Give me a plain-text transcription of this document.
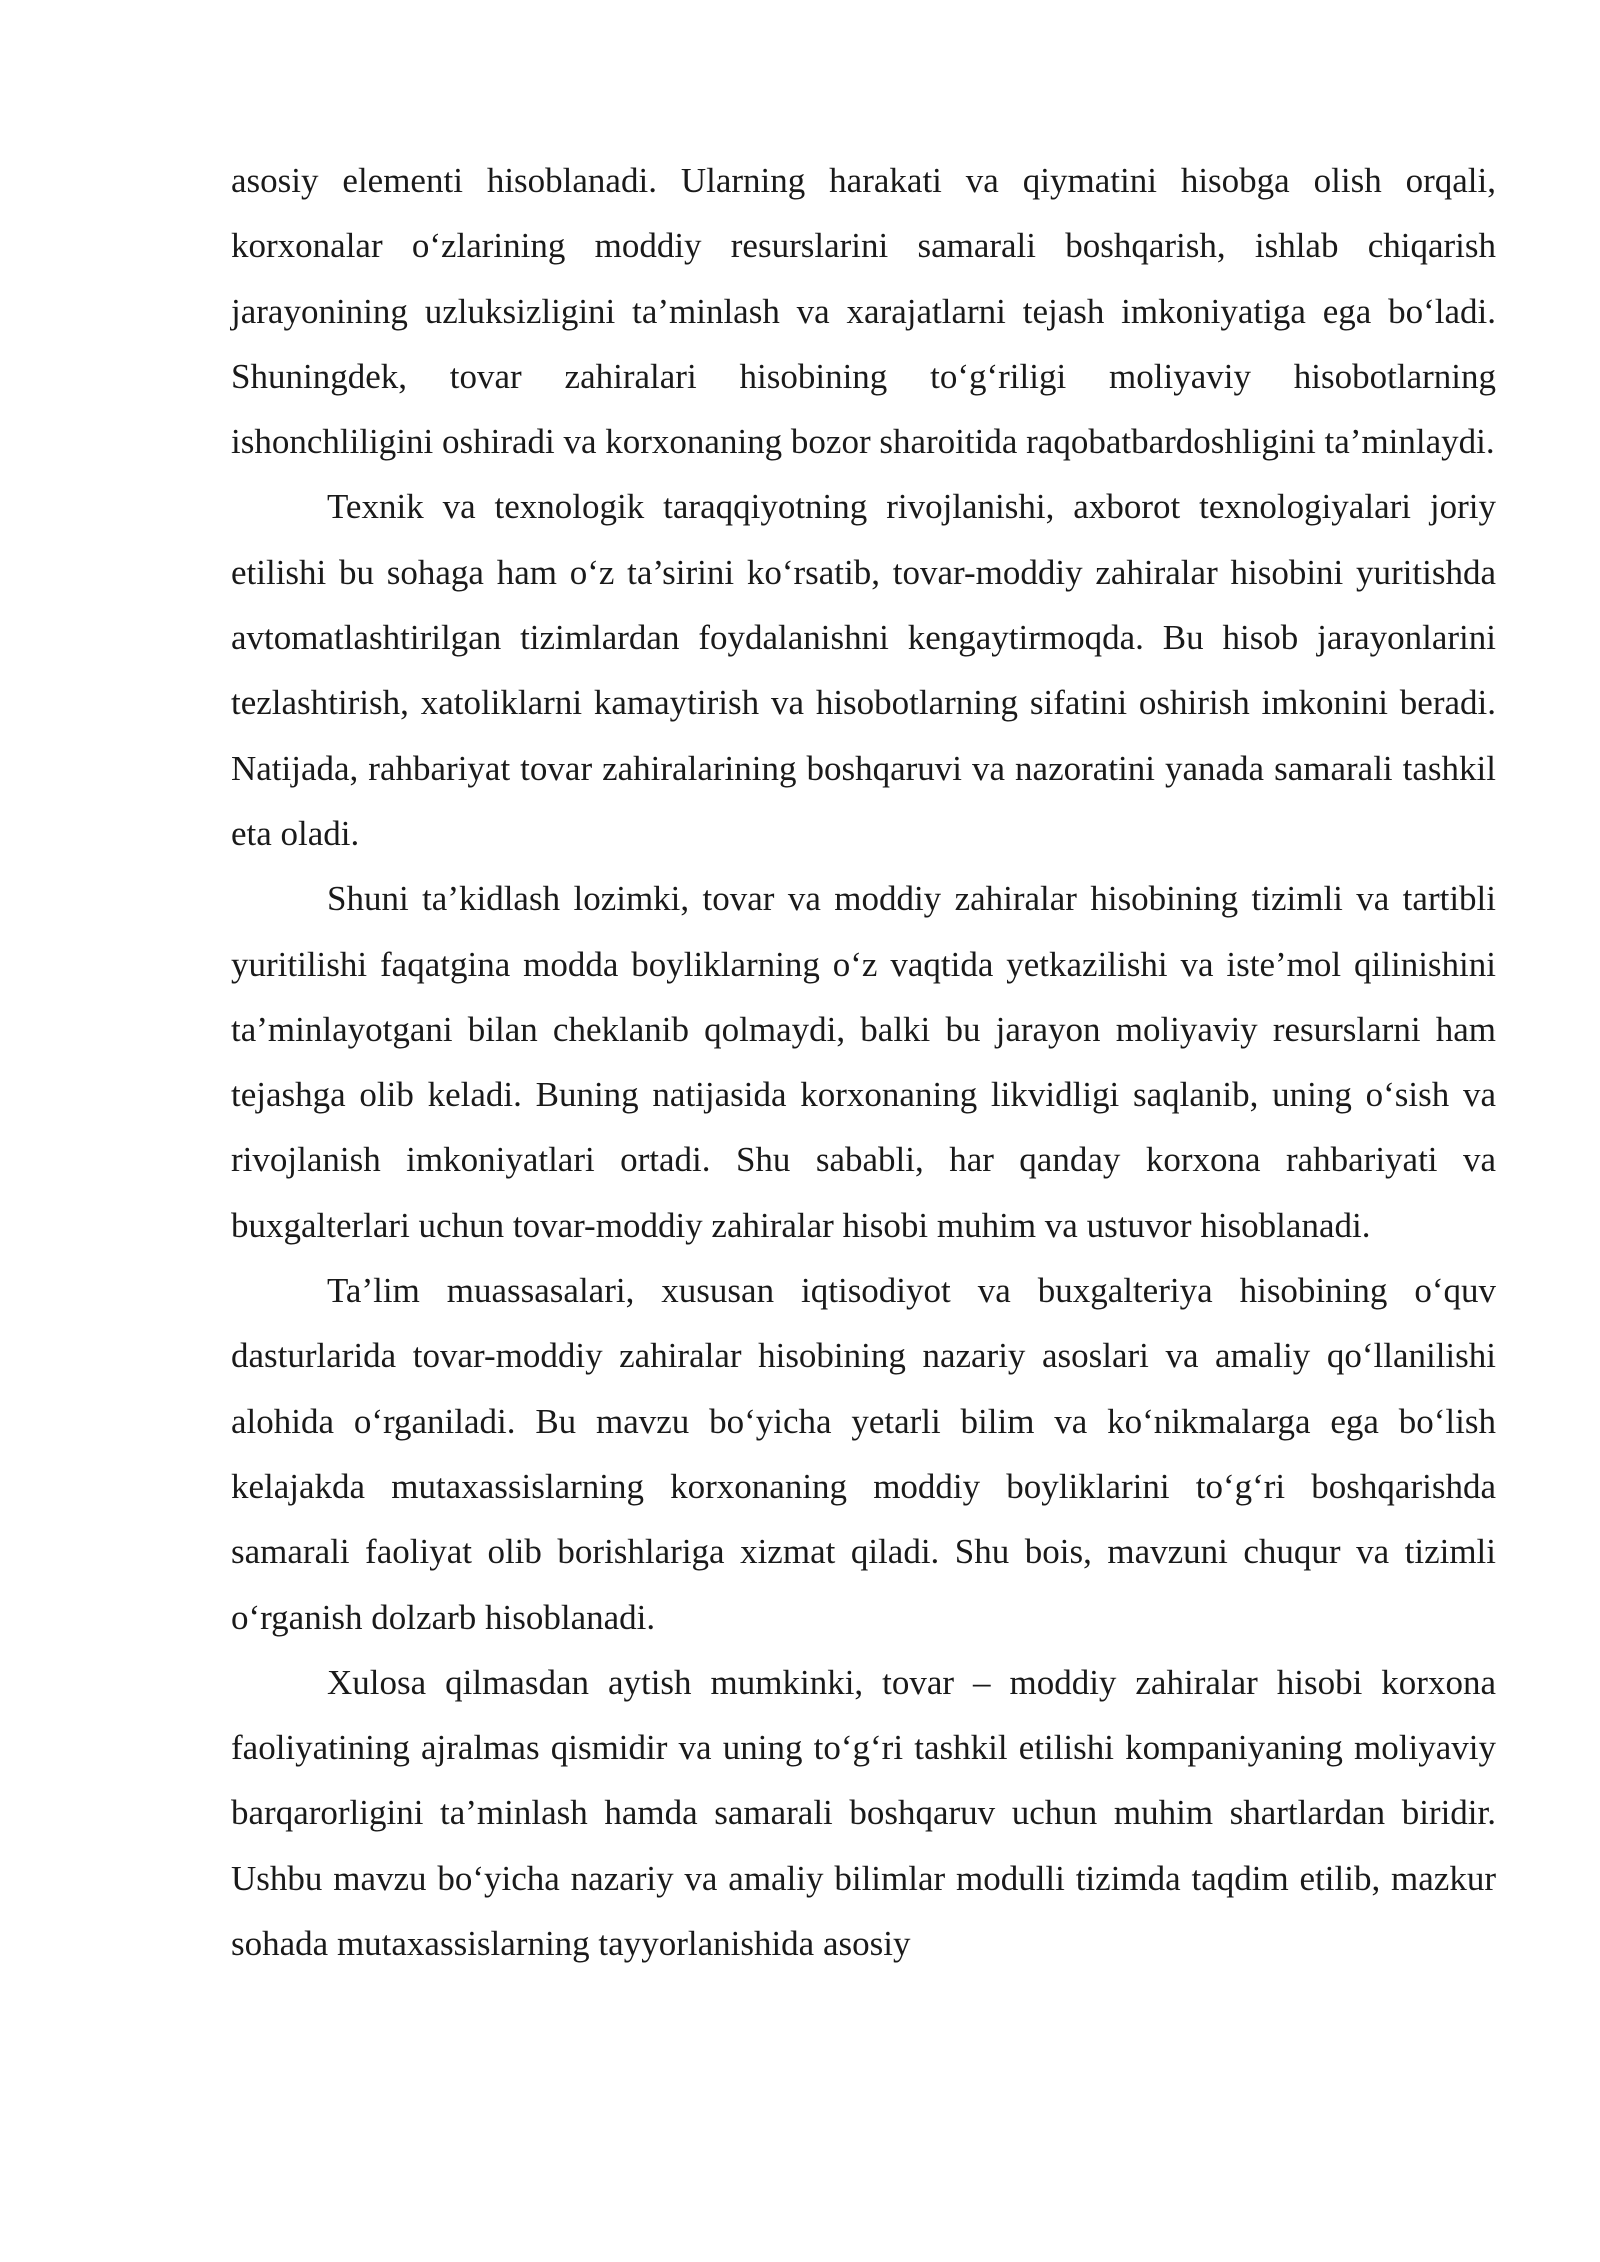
asosiy elementi hisoblanadi. Ularning harakati va qiymatini hisobga olish orqali, korxonalar o‘zlarining moddiy resurslarini samarali boshqarish, ishlab chiqarish jarayonining uzluksizligini ta’minlash va xarajatlarni tejash imkoniyatiga ega bo‘ladi. Shuningdek, tovar zahiralari hisobining to‘g‘riligi moliyaviy hisobotlarning ishonchliligini oshiradi va korxonaning bozor sharoitida raqobatbardoshligini ta’minlaydi.

Texnik va texnologik taraqqiyotning rivojlanishi, axborot texnologiyalari joriy etilishi bu sohaga ham o‘z ta’sirini ko‘rsatib, tovar-moddiy zahiralar hisobini yuritishda avtomatlashtirilgan tizimlardan foydalanishni kengaytirmoqda. Bu hisob jarayonlarini tezlashtirish, xatoliklarni kamaytirish va hisobotlarning sifatini oshirish imkonini beradi. Natijada, rahbariyat tovar zahiralarining boshqaruvi va nazoratini yanada samarali tashkil eta oladi.

Shuni ta’kidlash lozimki, tovar va moddiy zahiralar hisobining tizimli va tartibli yuritilishi faqatgina modda boyliklarning o‘z vaqtida yetkazilishi va iste’mol qilinishini ta’minlayotgani bilan cheklanib qolmaydi, balki bu jarayon moliyaviy resurslarni ham tejashga olib keladi. Buning natijasida korxonaning likvidligi saqlanib, uning o‘sish va rivojlanish imkoniyatlari ortadi. Shu sababli, har qanday korxona rahbariyati va buxgalterlari uchun tovar-moddiy zahiralar hisobi muhim va ustuvor hisoblanadi.

Ta’lim muassasalari, xususan iqtisodiyot va buxgalteriya hisobining o‘quv dasturlarida tovar-moddiy zahiralar hisobining nazariy asoslari va amaliy qo‘llanilishi alohida o‘rganiladi. Bu mavzu bo‘yicha yetarli bilim va ko‘nikmalarga ega bo‘lish kelajakda mutaxassislarning korxonaning moddiy boyliklarini to‘g‘ri boshqarishda samarali faoliyat olib borishlariga xizmat qiladi. Shu bois, mavzuni chuqur va tizimli o‘rganish dolzarb hisoblanadi.

Xulosa qilmasdan aytish mumkinki, tovar – moddiy zahiralar hisobi korxona faoliyatining ajralmas qismidir va uning to‘g‘ri tashkil etilishi kompaniyaning moliyaviy barqarorligini ta’minlash hamda samarali boshqaruv uchun muhim shartlardan biridir. Ushbu mavzu bo‘yicha nazariy va amaliy bilimlar modulli tizimda taqdim etilib, mazkur sohada mutaxassislarning tayyorlanishida asosiy
